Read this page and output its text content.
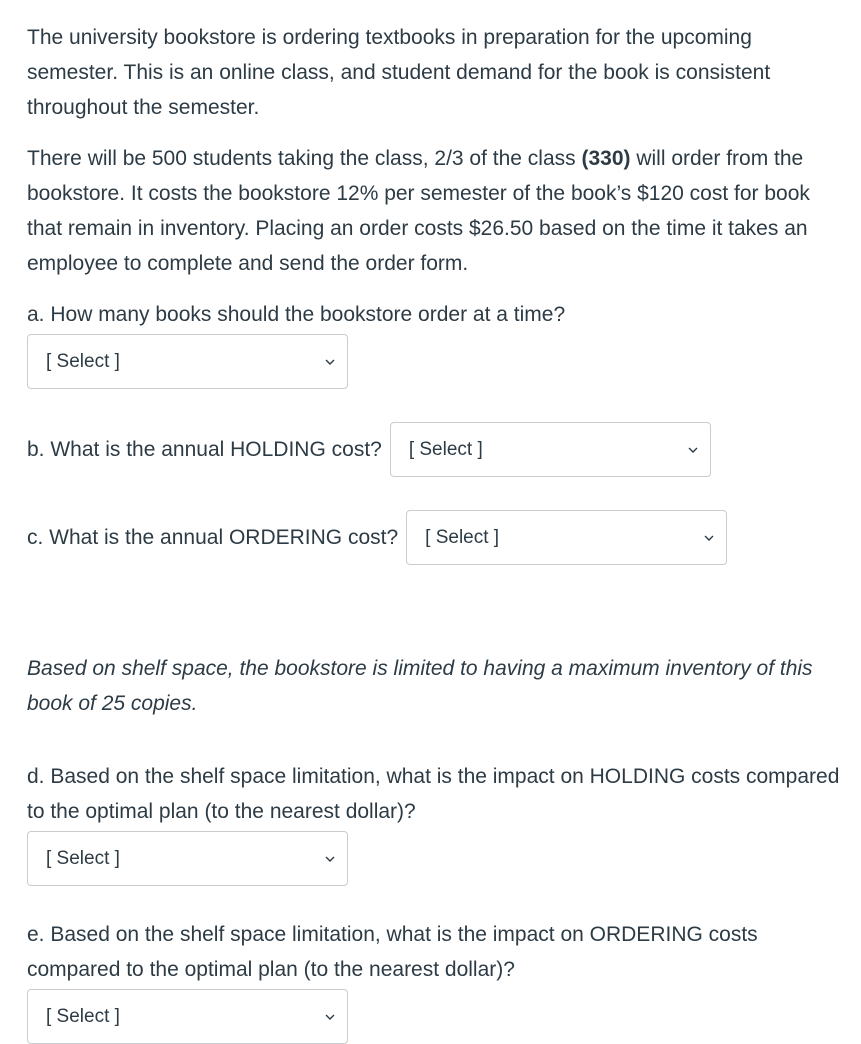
The university bookstore is ordering textbooks in preparation for the upcoming semester. This is an online class, and student demand for the book is consistent throughout the semester.

There will be 500 students taking the class, 2/3 of the class (330) will order from the bookstore. It costs the bookstore 12% per semester of the book’s $120 cost for book that remain in inventory. Placing an order costs $26.50 based on the time it takes an employee to complete and send the order form.

a. How many books should the bookstore order at a time?

[ Select ]
b. What is the annual HOLDING cost? [ Select ]
c. What is the annual ORDERING cost? [ Select ]

Based on shelf space, the bookstore is limited to having a maximum inventory of this book of 25 copies.

d. Based on the shelf space limitation, what is the impact on HOLDING costs compared to the optimal plan (to the nearest dollar)?

[ Select ]

e. Based on the shelf space limitation, what is the impact on ORDERING costs compared to the optimal plan (to the nearest dollar)?

[ Select ]
